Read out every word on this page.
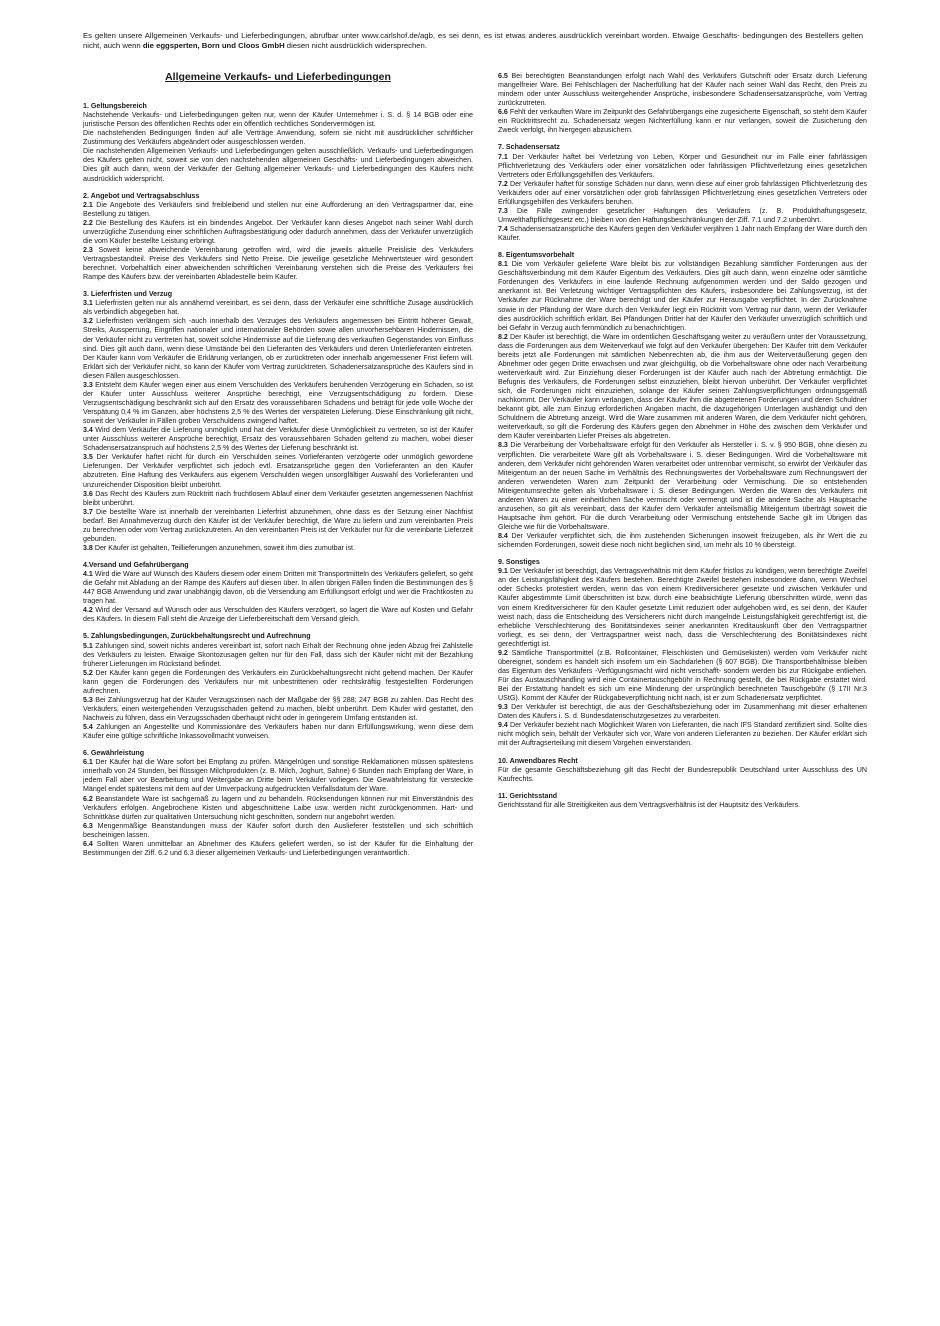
Es gelten unsere Allgemeinen Verkaufs- und Lieferbedingungen, abrufbar unter www.carlshof.de/agb, es sei denn, es ist etwas anderes ausdrücklich vereinbart worden. Etwaige Geschäfts- bedingungen des Bestellers gelten nicht, auch wenn die eggsperten, Born und Cloos GmbH diesen nicht ausdrücklich widersprechen.
Allgemeine Verkaufs- und Lieferbedingungen
1. Geltungsbereich

Nachstehende Verkaufs- und Lieferbedingungen gelten nur, wenn der Käufer Unternehmer i. S. d. § 14 BGB oder eine juristische Person des öffentlichen Rechts oder ein öffentlich rechtliches Sondervermögen ist.

Die nachstehenden Bedingungen finden auf alle Verträge Anwendung, sofern sie nicht mit ausdrücklicher schriftlicher Zustimmung des Verkäufers abgeändert oder ausgeschlossen werden.

Die nachstehenden Allgemeinen Verkaufs- und Lieferbedingungen gelten ausschließlich. Verkaufs- und Lieferbedingungen des Käufers gelten nicht, soweit sie von den nachstehenden allgemeinen Geschäfts- und Lieferbedingungen abweichen. Dies gilt auch dann, wenn der Verkäufer der Geltung allgemeiner Verkaufs- und Lieferbedingungen des Käufers nicht ausdrücklich widerspricht.

2. Angebot und Vertragsabschluss

2.1 Die Angebote des Verkäufers sind freibleibend und stellen nur eine Aufforderung an den Vertragspartner dar, eine Bestellung zu tätigen.

2.2 Die Bestellung des Käufers ist ein bindendes Angebot. Der Verkäufer kann dieses Angebot nach seiner Wahl durch unverzügliche Zusendung einer schriftlichen Auftragsbestätigung oder dadurch annehmen, dass der Verkäufer unverzüglich die vom Käufer bestellte Leistung erbringt.

2.3 Soweit keine abweichende Vereinbarung getroffen wird, wird die jeweils aktuelle Preisliste des Verkäufers Vertragsbestandteil. Preise des Verkäufers sind Netto Preise. Die jeweilige gesetzliche Mehrwertsteuer wird gesondert berechnet. Vorbehaltlich einer abweichenden schriftlichen Vereinbarung verstehen sich die Preise des Verkäufers frei Rampe des Käufers bzw. der vereinbarten Abladestelle beim Käufer.

3. Lieferfristen und Verzug

3.1 Lieferfristen gelten nur als annähernd vereinbart, es sei denn, dass der Verkäufer eine schriftliche Zusage ausdrücklich als verbindlich abgegeben hat.

3.2 Lieferfristen verlängern sich -auch innerhalb des Verzuges des Verkäufers angemessen bei Eintritt höherer Gewalt, Streiks, Aussperrung, Eingriffen nationaler und internationaler Behörden sowie allen unvorhersehbaren Hindernissen, die der Verkäufer nicht zu vertreten hat, soweit solche Hindernisse auf die Lieferung des verkauften Gegenstandes von Einfluss sind. Dies gilt auch dann, wenn diese Umstände bei den Lieferanten des Verkäufers und deren Unterlieferanten eintreten. Der Käufer kann vom Verkäufer die Erklärung verlangen, ob er zurücktreten oder innerhalb angemessener Frist liefern will. Erklärt sich der Verkäufer nicht, so kann der Käufer vom Vertrag zurücktreten. Schadenersatzansprüche des Käufers sind in diesen Fällen ausgeschlossen.

3.3 Entsteht dem Käufer wegen einer aus einem Verschulden des Verkäufers beruhenden Verzögerung ein Schaden, so ist der Käufer unter Ausschluss weiterer Ansprüche berechtigt, eine Verzugsentschädigung zu fordern. Diese Verzugsentschädigung beschränkt sich auf den Ersatz des voraussehbaren Schadens und beträgt für jede volle Woche der Verspätung 0,4 % im Ganzen, aber höchstens 2,5 % des Wertes der verspäteten Lieferung. Diese Einschränkung gilt nicht, soweit der Verkäufer in Fällen groben Verschuldens zwingend haftet.

3.4 Wird dem Verkäufer die Lieferung unmöglich und hat der Verkäufer diese Unmöglichkeit zu vertreten, so ist der Käufer unter Ausschluss weiterer Ansprüche berechtigt, Ersatz des voraussehbaren Schaden geltend zu machen, wobei dieser Schadensersatzanspruch auf höchstens 2,5 % des Wertes der Lieferung beschränkt ist.

3.5 Der Verkäufer haftet nicht für durch ein Verschulden seines Vorlieferanten verzögerte oder unmöglich gewordene Lieferungen. Der Verkäufer verpflichtet sich jedoch evtl. Ersatzansprüche gegen den Vorlieferanten an den Käufer abzutreten. Eine Haftung des Verkäufers aus eigenem Verschulden wegen unsorgfältiger Auswahl des Vorlieferanten und unzureichender Disposition bleibt unberührt.

3.6 Das Recht des Käufers zum Rücktritt nach fruchtlosem Ablauf einer dem Verkäufer gesetzten angemessenen Nachfrist bleibt unberührt.

3.7 Die bestellte Ware ist innerhalb der vereinbarten Lieferfrist abzunehmen, ohne dass es der Setzung einer Nachfrist bedarf. Bei Annahmeverzug durch den Käufer ist der Verkäufer berechtigt, die Ware zu liefern und zum vereinbarten Preis zu berechnen oder vom Vertrag zurückzutreten. An den vereinbarten Preis ist der Verkäufer nur für die vereinbarte Lieferzeit gebunden.

3.8 Der Käufer ist gehalten, Teillieferungen anzunehmen, soweit ihm dies zumutbar ist.

4.Versand und Gefahrübergang

4.1 Wird die Ware auf Wunsch des Käufers diesem oder einem Dritten mit Transportmitteln des Verkäufers geliefert, so geht die Gefahr mit Abladung an der Rampe des Käufers auf diesen über. In allen übrigen Fällen finden die Bestimmungen des § 447 BGB Anwendung und zwar unabhängig davon, ob die Versendung am Erfüllungsort erfolgt und wer die Frachtkosten zu tragen hat.

4.2 Wird der Versand auf Wunsch oder aus Verschulden des Käufers verzögert, so lagert die Ware auf Kosten und Gefahr des Käufers. In diesem Fall steht die Anzeige der Lieferbereitschaft dem Versand gleich.

5. Zahlungsbedingungen, Zurückbehaltungsrecht und Aufrechnung

5.1 Zahlungen sind, soweit nichts anderes vereinbart ist, sofort nach Erhalt der Rechnung ohne jeden Abzug frei Zahlstelle des Verkäufers zu leisten. Etwaige Skontozusagen gelten nur für den Fall, dass sich der Käufer nicht mit der Bezahlung früherer Lieferungen im Rückstand befindet.

5.2 Der Käufer kann gegen die Forderungen des Verkäufers ein Zurückbehaltungsrecht nicht geltend machen. Der Käufer kann gegen die Forderungen des Verkäufers nur mit unbestrittenen oder rechtskräftig festgestellten Forderungen aufrechnen.

5.3 Bei Zahlungsverzug hat der Käufer Verzugszinsen nach der Maßgabe der §§ 288; 247 BGB zu zahlen. Das Recht des Verkäufers, einen weitergehenden Verzugsschaden geltend zu machen, bleibt unberührt. Dem Käufer wird gestattet, den Nachweis zu führen, dass ein Verzugsschaden überhaupt nicht oder in geringerem Umfang entstanden ist.

5.4 Zahlungen an Angestellte und Kommissionäre des Verkäufers haben nur dann Erfüllungswirkung, wenn diese dem Käufer eine gültige schriftliche Inkassovollmacht vorweisen.

6. Gewährleistung

6.1 Der Käufer hat die Ware sofort bei Empfang zu prüfen. Mängelrügen und sonstige Reklamationen müssen spätestens innerhalb von 24 Stunden, bei flüssigen Milchprodukten (z. B. Milch, Joghurt, Sahne) 6 Stunden nach Empfang der Ware, in jedem Fall aber vor Bearbeitung und Weitergabe an Dritte beim Verkäufer vorliegen. Die Gewährleistung für versteckte Mängel endet spätestens mit dem auf der Umverpackung aufgedruckten Verfallsdatum der Ware.

6.2 Beanstandete Ware ist sachgemäß zu lagern und zu behandeln. Rücksendungen können nur mit Einverständnis des Verkäufers erfolgen. Angebrochene Kisten und abgeschnittene Laibe usw. werden nicht zurückgenommen. Hart- und Schnittkäse dürfen zur qualitativen Untersuchung nicht geschnitten, sondern nur angebohrt werden.

6.3 Mengenmäßige Beanstandungen muss der Käufer sofort durch den Auslieferer feststellen und sich schriftlich bescheinigen lassen.

6.4 Sollten Waren unmittelbar an Abnehmer des Käufers geliefert werden, so ist der Käufer für die Einhaltung der Bestimmungen der Ziff. 6.2 und 6.3 dieser allgemeinen Verkaufs- und Lieferbedingungen verantwortlich.

6.5 Bei berechtigten Beanstandungen erfolgt nach Wahl des Verkäufers Gutschrift oder Ersatz durch Lieferung mangelfreier Ware. Bei Fehlschlagen der Nacherfüllung hat der Käufer nach seiner Wahl das Recht, den Preis zu mindern oder unter Ausschluss weitergehender Ansprüche, insbesondere Schadensersatzansprüche, vom Vertrag zurückzutreten.

6.6 Fehlt der verkauften Ware im Zeitpunkt des Gefahrübergangs eine zugesicherte Eigenschaft, so steht dem Käufer ein Rücktrittsrecht zu. Schadenersatz wegen Nichterfüllung kann er nur verlangen, soweit die Zusicherung den Zweck verfolgt, ihn hiergegen abzusichern.

7. Schadensersatz

7.1 Der Verkäufer haftet bei Verletzung von Leben, Körper und Gesundheit nur im Falle einer fahrlässigen Pflichtverletzung des Verkäufers oder einer vorsätzlichen oder fahrlässigen Pflichtverletzung eines gesetzlichen Vertreters oder Erfüllungsgehilfen des Verkäufers.

7.2 Der Verkäufer haftet für sonstige Schäden nur dann, wenn diese auf einer grob fahrlässigen Pflichtverletzung des Verkäufers oder auf einer vorsätzlichen oder grob fahrlässigen Pflichtverletzung eines gesetzlichen Vertreters oder Erfüllungsgehilfen des Verkäufers beruhen.

7.3 Die Fälle zwingender gesetzlicher Haftungen des Verkäufers (z. B. Produkthaftungsgesetz, Umwelthaftpflichtgesetz etc.) bleiben von den Haftungsbeschränkungen der Ziff. 7.1 und 7.2 unberührt.

7.4 Schadensersatzansprüche des Käufers gegen den Verkäufer verjähren 1 Jahr nach Empfang der Ware durch den Käufer.

8. Eigentumsvorbehalt

8.1 Die vom Verkäufer gelieferte Ware bleibt bis zur vollständigen Bezahlung sämtlicher Forderungen aus der Geschäftsverbindung mit dem Käufer Eigentum des Verkäufers. Dies gilt auch dann, wenn einzelne oder sämtliche Forderungen des Verkäufers in eine laufende Rechnung aufgenommen werden und der Saldo gezogen und anerkannt ist. Bei Verletzung wichtiger Vertragspflichten des Käufers, insbesondere bei Zahlungsverzug, ist der Verkäufer zur Rücknahme der Ware berechtigt und der Käufer zur Herausgabe verpflichtet. In der Zurücknahme sowie in der Pfändung der Ware durch den Verkäufer liegt ein Rücktritt vom Vertrag nur dann, wenn der Verkäufer dies ausdrücklich schriftlich erklärt. Bei Pfändungen Dritter hat der Käufer den Verkäufer unverzüglich schriftlich und bei Gefahr in Verzug auch fernmündlich zu benachrichtigen.

8.2 Der Käufer ist berechtigt, die Ware im ordentlichen Geschäftsgang weiter zu veräußern unter der Voraussetzung, dass die Forderungen aus dem Weiterverkauf wie folgt auf den Verkäufer übergehen: Der Käufer tritt dem Verkäufer bereits jetzt alle Forderungen mit sämtlichen Nebenrechten ab, die ihm aus der Weiterveräußerung gegen den Abnehmer oder gegen Dritte erwachsen und zwar gleichgültig, ob die Vorbehaltsware ohne oder nach Verarbeitung weiterverkauft wird. Zur Einziehung dieser Forderungen ist der Käufer auch nach der Abtretung ermächtigt. Die Befugnis des Verkäufers, die Forderungen selbst einzuziehen, bleibt hiervon unberührt. Der Verkäufer verpflichtet sich, die Forderungen nicht einzuziehen, solange der Käufer seinen Zahlungsverpflichtungen ordnungsgemäß nachkommt. Der Verkäufer kann verlangen, dass der Käufer ihm die abgetretenen Forderungen und deren Schuldner bekannt gibt, alle zum Einzug erforderlichen Angaben macht, die dazugehörigen Unterlagen aushändigt und den Schuldnern die Abtretung anzeigt. Wird die Ware zusammen mit anderen Waren, die dem Verkäufer nicht gehören, weiterverkauft, so gilt die Forderung des Käufers gegen den Abnehmer in Höhe des zwischen dem Verkäufer und dem Käufer vereinbarten Liefer Preises als abgetreten.

8.3 Die Verarbeitung der Vorbehaltsware erfolgt für den Verkäufer als Hersteller i. S. v. § 950 BGB, ohne diesen zu verpflichten. Die verarbeitete Ware gilt als Vorbehaltsware i. S. dieser Bedingungen. Wird die Vorbehaltsware mit anderen, dem Verkäufer nicht gehörenden Waren verarbeitet oder untrennbar vermischt, so erwirbt der Verkäufer das Miteigentum an der neuen Sache im Verhältnis des Rechnungswertes der Vorbehaltsware zum Rechnungswert der anderen verwendeten Waren zum Zeitpunkt der Verarbeitung oder Vermischung. Die so entstehenden Miteigentumsrechte gelten als Vorbehaltsware i. S. dieser Bedingungen. Werden die Waren des Verkäufers mit anderen Waren zu einer einheitlichen Sache vermischt oder vermengt und ist die andere Sache als Hauptsache anzusehen, so gilt als vereinbart, dass der Käufer dem Verkäufer anteilsmäßig Miteigentum überträgt soweit die Hauptsache ihm gehört. Für die durch Verarbeitung oder Vermischung entstehende Sache gilt im Übrigen das Gleiche wie für die Vorbehaltsware.

8.4 Der Verkäufer verpflichtet sich, die ihm zustehenden Sicherungen insoweit freizugeben, als ihr Wert die zu sichernden Forderungen, soweit diese noch nicht beglichen sind, um mehr als 10 % übersteigt.

9. Sonstiges

9.1 Der Verkäufer ist berechtigt, das Vertragsverhältnis mit dem Käufer fristlos zu kündigen, wenn berechtigte Zweifel an der Leistungsfähigkeit des Käufers bestehen. Berechtigte Zweifel bestehen insbesondere dann, wenn Wechsel oder Schecks protestiert werden, wenn das von einem Kreditversicherer gesetzte und zwischen Verkäufer und Käufer abgestimmte Limit überschritten ist bzw. durch eine beabsichtigte Lieferung überschritten würde, wenn das von einem Kreditversicherer für den Käufer gesetzte Limit reduziert oder aufgehoben wird, es sei denn, der Käufer weist nach, dass die Entscheidung des Versicherers nicht durch mangelnde Leistungsfähigkeit gerechtfertigt ist, die erhebliche Verschlechterung des Bonitätsindexes seiner anerkannten Kreditauskunft über den Vertragspartner vorliegt, es sei denn, der Vertragspartner weist nach, dass die Verschlechterung des Bonitätsindexes nicht gerechtfertigt ist.

9.2 Sämtliche Transportmittel (z.B. Rollcontainer, Fleischkisten und Gemüsekisten) werden vom Verkäufer nicht übereignet, sondern es handelt sich insofern um ein Sachdarlehen (§ 607 BGB). Die Transportbehältnisse bleiben das Eigentum des Verkäufers -Verfügungsmacht wird nicht verschafft- sondern werden bis zur Rückgabe entliehen. Für das Austauschhandling wird eine Containertauschgebühr in Rechnung gestellt, die bei Rückgabe erstattet wird. Bei der Erstattung handelt es sich um eine Minderung der ursprünglich berechneten Tauschgebühr (§ 17II Nr.3 UStG). Kommt der Käufer der Rückgabeverpflichtung nicht nach, ist er zum Schadenersatz verpflichtet.

9.3 Der Verkäufer ist berechtigt, die aus der Geschäftsbeziehung oder im Zusammenhang mit dieser erhaltenen Daten des Käufers i. S. d. Bundesdatenschutzgesetzes zu verarbeiten.

9.4 Der Verkäufer bezieht nach Möglichkeit Waren von Lieferanten, die nach IFS Standard zertifiziert sind. Sollte dies nicht möglich sein, behält der Verkäufer sich vor, Ware von anderen Lieferanten zu beziehen. Der Käufer erklärt sich mit der Auftragserteilung mit diesem Vorgehen einverstanden.

10. Anwendbares Recht

Für die gesamte Geschäftsbeziehung gilt das Recht der Bundesrepublik Deutschland unter Ausschluss des UN Kaufrechts.

11. Gerichtsstand

Gerichtsstand für alle Streitigkeiten aus dem Vertragsverhältnis ist der Hauptsitz des Verkäufers.
